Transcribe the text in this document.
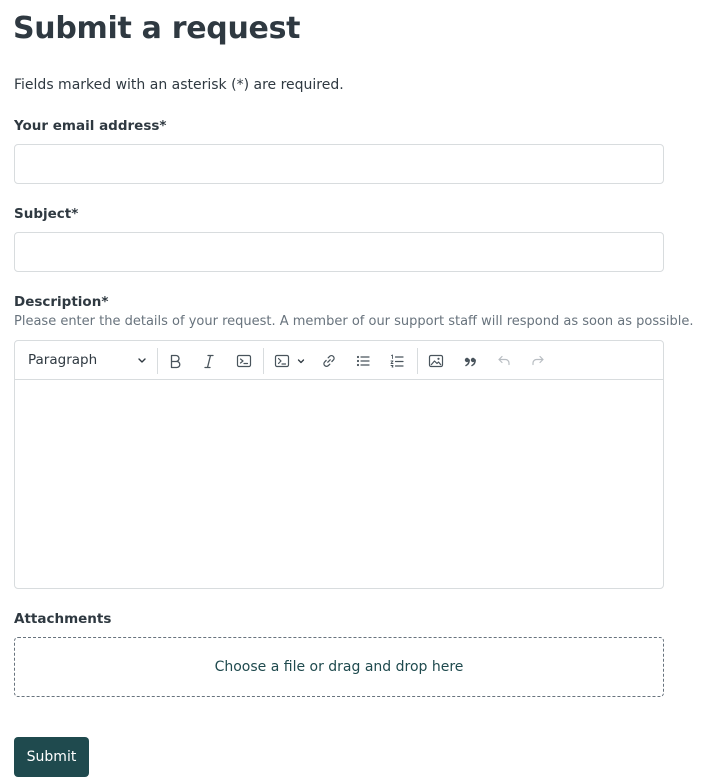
Submit a request
Fields marked with an asterisk (*) are required.
Your email address*
Subject*
Description*
Please enter the details of your request. A member of our support staff will respond as soon as possible.
Paragraph
Attachments
Choose a file or drag and drop here
Submit
